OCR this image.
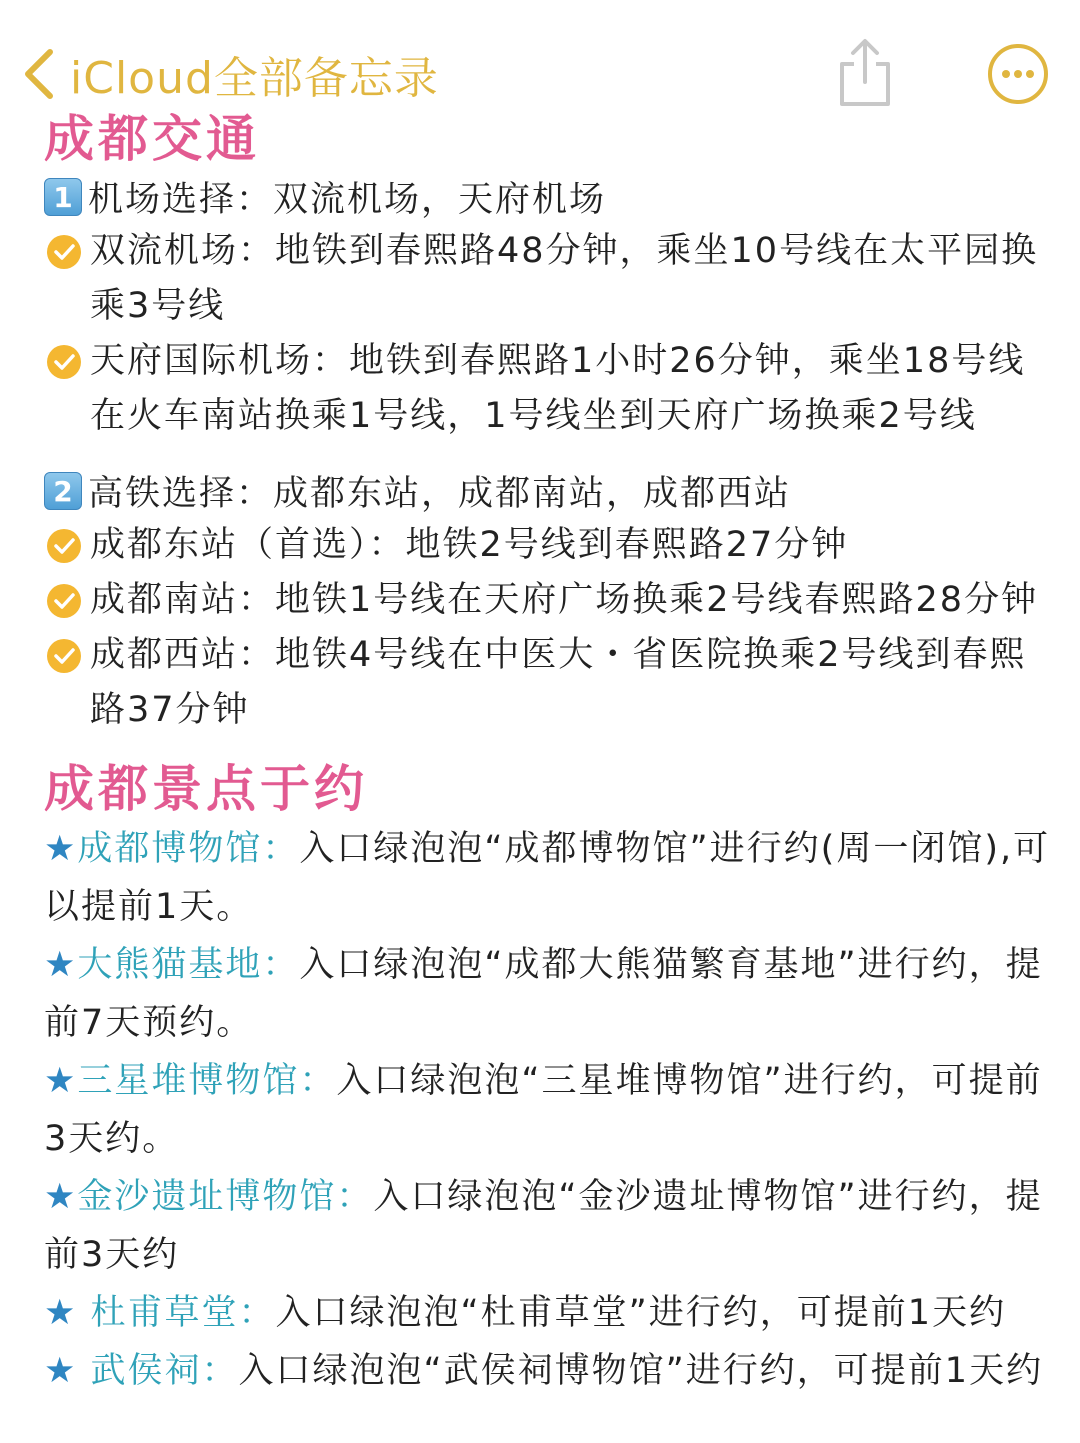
iCloud全部备忘录
成都交通
1 机场选择：双流机场，天府机场
双流机场：地铁到春熙路48分钟，乘坐10号线在太平园换乘3号线
天府国际机场：地铁到春熙路1小时26分钟，乘坐18号线在火车南站换乘1号线，1号线坐到天府广场换乘2号线
2 高铁选择：成都东站，成都南站，成都西站
成都东站（首选）：地铁2号线到春熙路27分钟
成都南站：地铁1号线在天府广场换乘2号线春熙路28分钟
成都西站：地铁4号线在中医大・省医院换乘2号线到春熙路37分钟
成都景点于约
★成都博物馆：入口绿泡泡“成都博物馆”进行约(周一闭馆),可以提前1天。
★大熊猫基地：入口绿泡泡“成都大熊猫繁育基地”进行约，提前7天预约。
★三星堆博物馆：入口绿泡泡“三星堆博物馆”进行约，可提前3天约。
★金沙遗址博物馆：入口绿泡泡“金沙遗址博物馆”进行约，提前3天约
★ 杜甫草堂：入口绿泡泡“杜甫草堂”进行约，可提前1天约
★ 武侯祠：入口绿泡泡“武侯祠博物馆”进行约，可提前1天约
